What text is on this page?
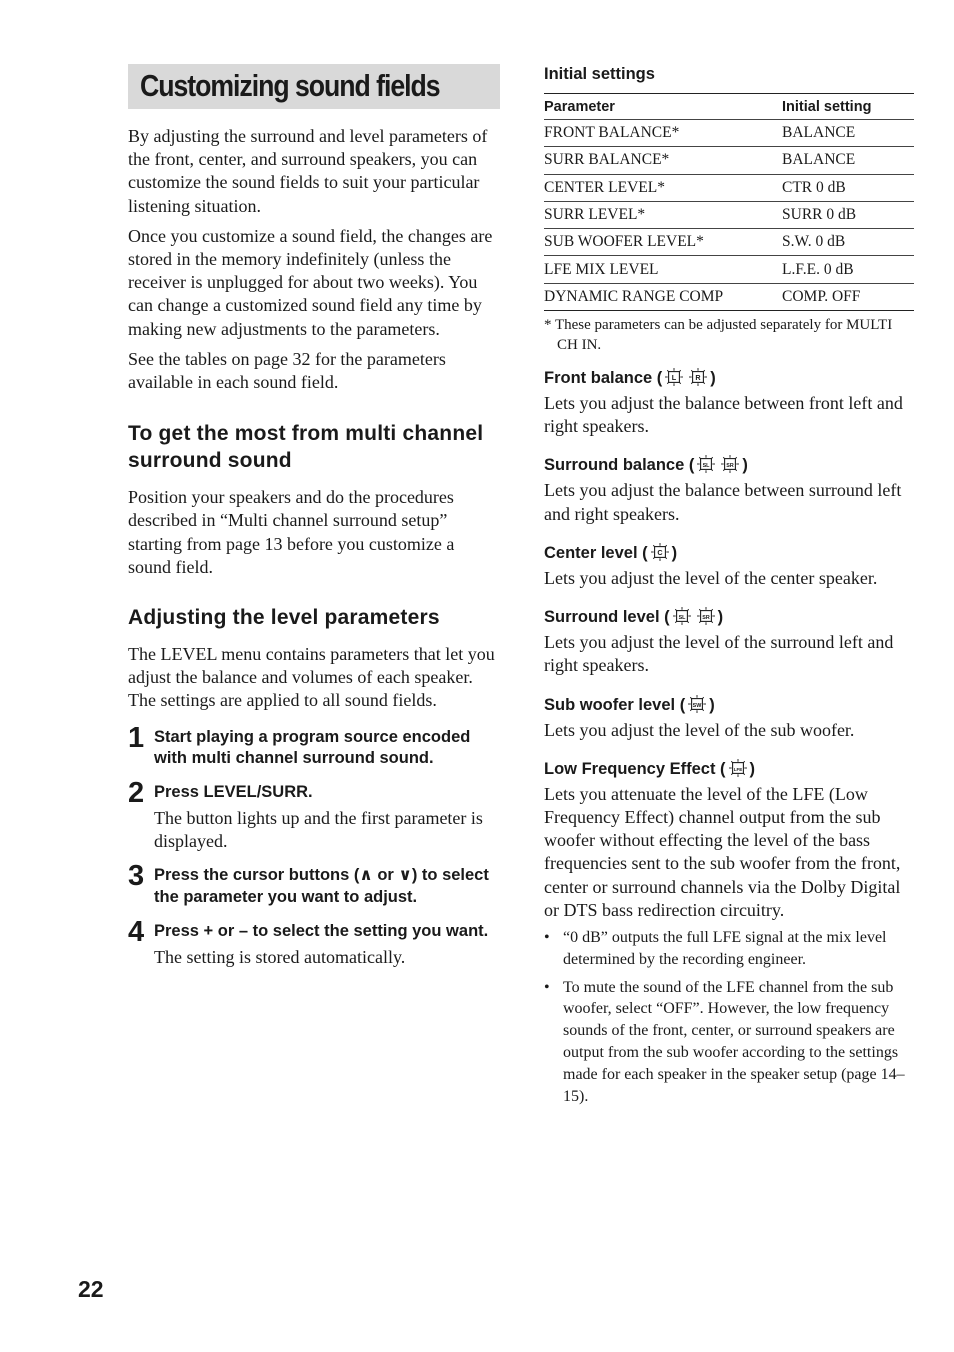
Customizing sound fields

By adjusting the surround and level parameters of the front, center, and surround speakers, you can customize the sound fields to suit your particular listening situation.

Once you customize a sound field, the changes are stored in the memory indefinitely (unless the receiver is unplugged for about two weeks). You can change a customized sound field any time by making new adjustments to the parameters.

See the tables on page 32 for the parameters available in each sound field.

To get the most from multi channel surround sound

Position your speakers and do the procedures described in “Multi channel surround setup” starting from page 13 before you customize a sound field.

Adjusting the level parameters

The LEVEL menu contains parameters that let you adjust the balance and volumes of each speaker. The settings are applied to all sound fields.

1 Start playing a program source encoded with multi channel surround sound.

2 Press LEVEL/SURR.

The button lights up and the first parameter is displayed.

3 Press the cursor buttons (∧ or ∨) to select the parameter you want to adjust.

4 Press + or – to select the setting you want.

The setting is stored automatically.

Initial settings
Parameter	Initial setting
FRONT BALANCE*	BALANCE
SURR BALANCE*	BALANCE
CENTER LEVEL*	CTR 0 dB
SURR LEVEL*	SURR 0 dB
SUB WOOFER LEVEL*	S.W. 0 dB
LFE MIX LEVEL	L.F.E. 0 dB
DYNAMIC RANGE COMP	COMP. OFF

* These parameters can be adjusted separately for MULTI CH IN.

Front balance ( L R )

Lets you adjust the balance between front left and right speakers.

Surround balance ( SL	SR )

Lets you adjust the balance between surround left and right speakers.

Center level ( C )

Lets you adjust the level of the center speaker.

Surround level ( SL	SR )

Lets you adjust the level of the surround left and right speakers.

Sub woofer level ( SW )

Lets you adjust the level of the sub woofer.

Low Frequency Effect ( LFE )

Lets you attenuate the level of the LFE (Low Frequency Effect) channel output from the sub woofer without effecting the level of the bass frequencies sent to the sub woofer from the front, center or surround channels via the Dolby Digital or DTS bass redirection circuitry.

• “0 dB” outputs the full LFE signal at the mix level determined by the recording engineer.
• To mute the sound of the LFE channel from the sub woofer, select “OFF”. However, the low frequency sounds of the front, center, or surround speakers are output from the sub woofer according to the settings made for each speaker in the speaker setup (page 14–15).
22
